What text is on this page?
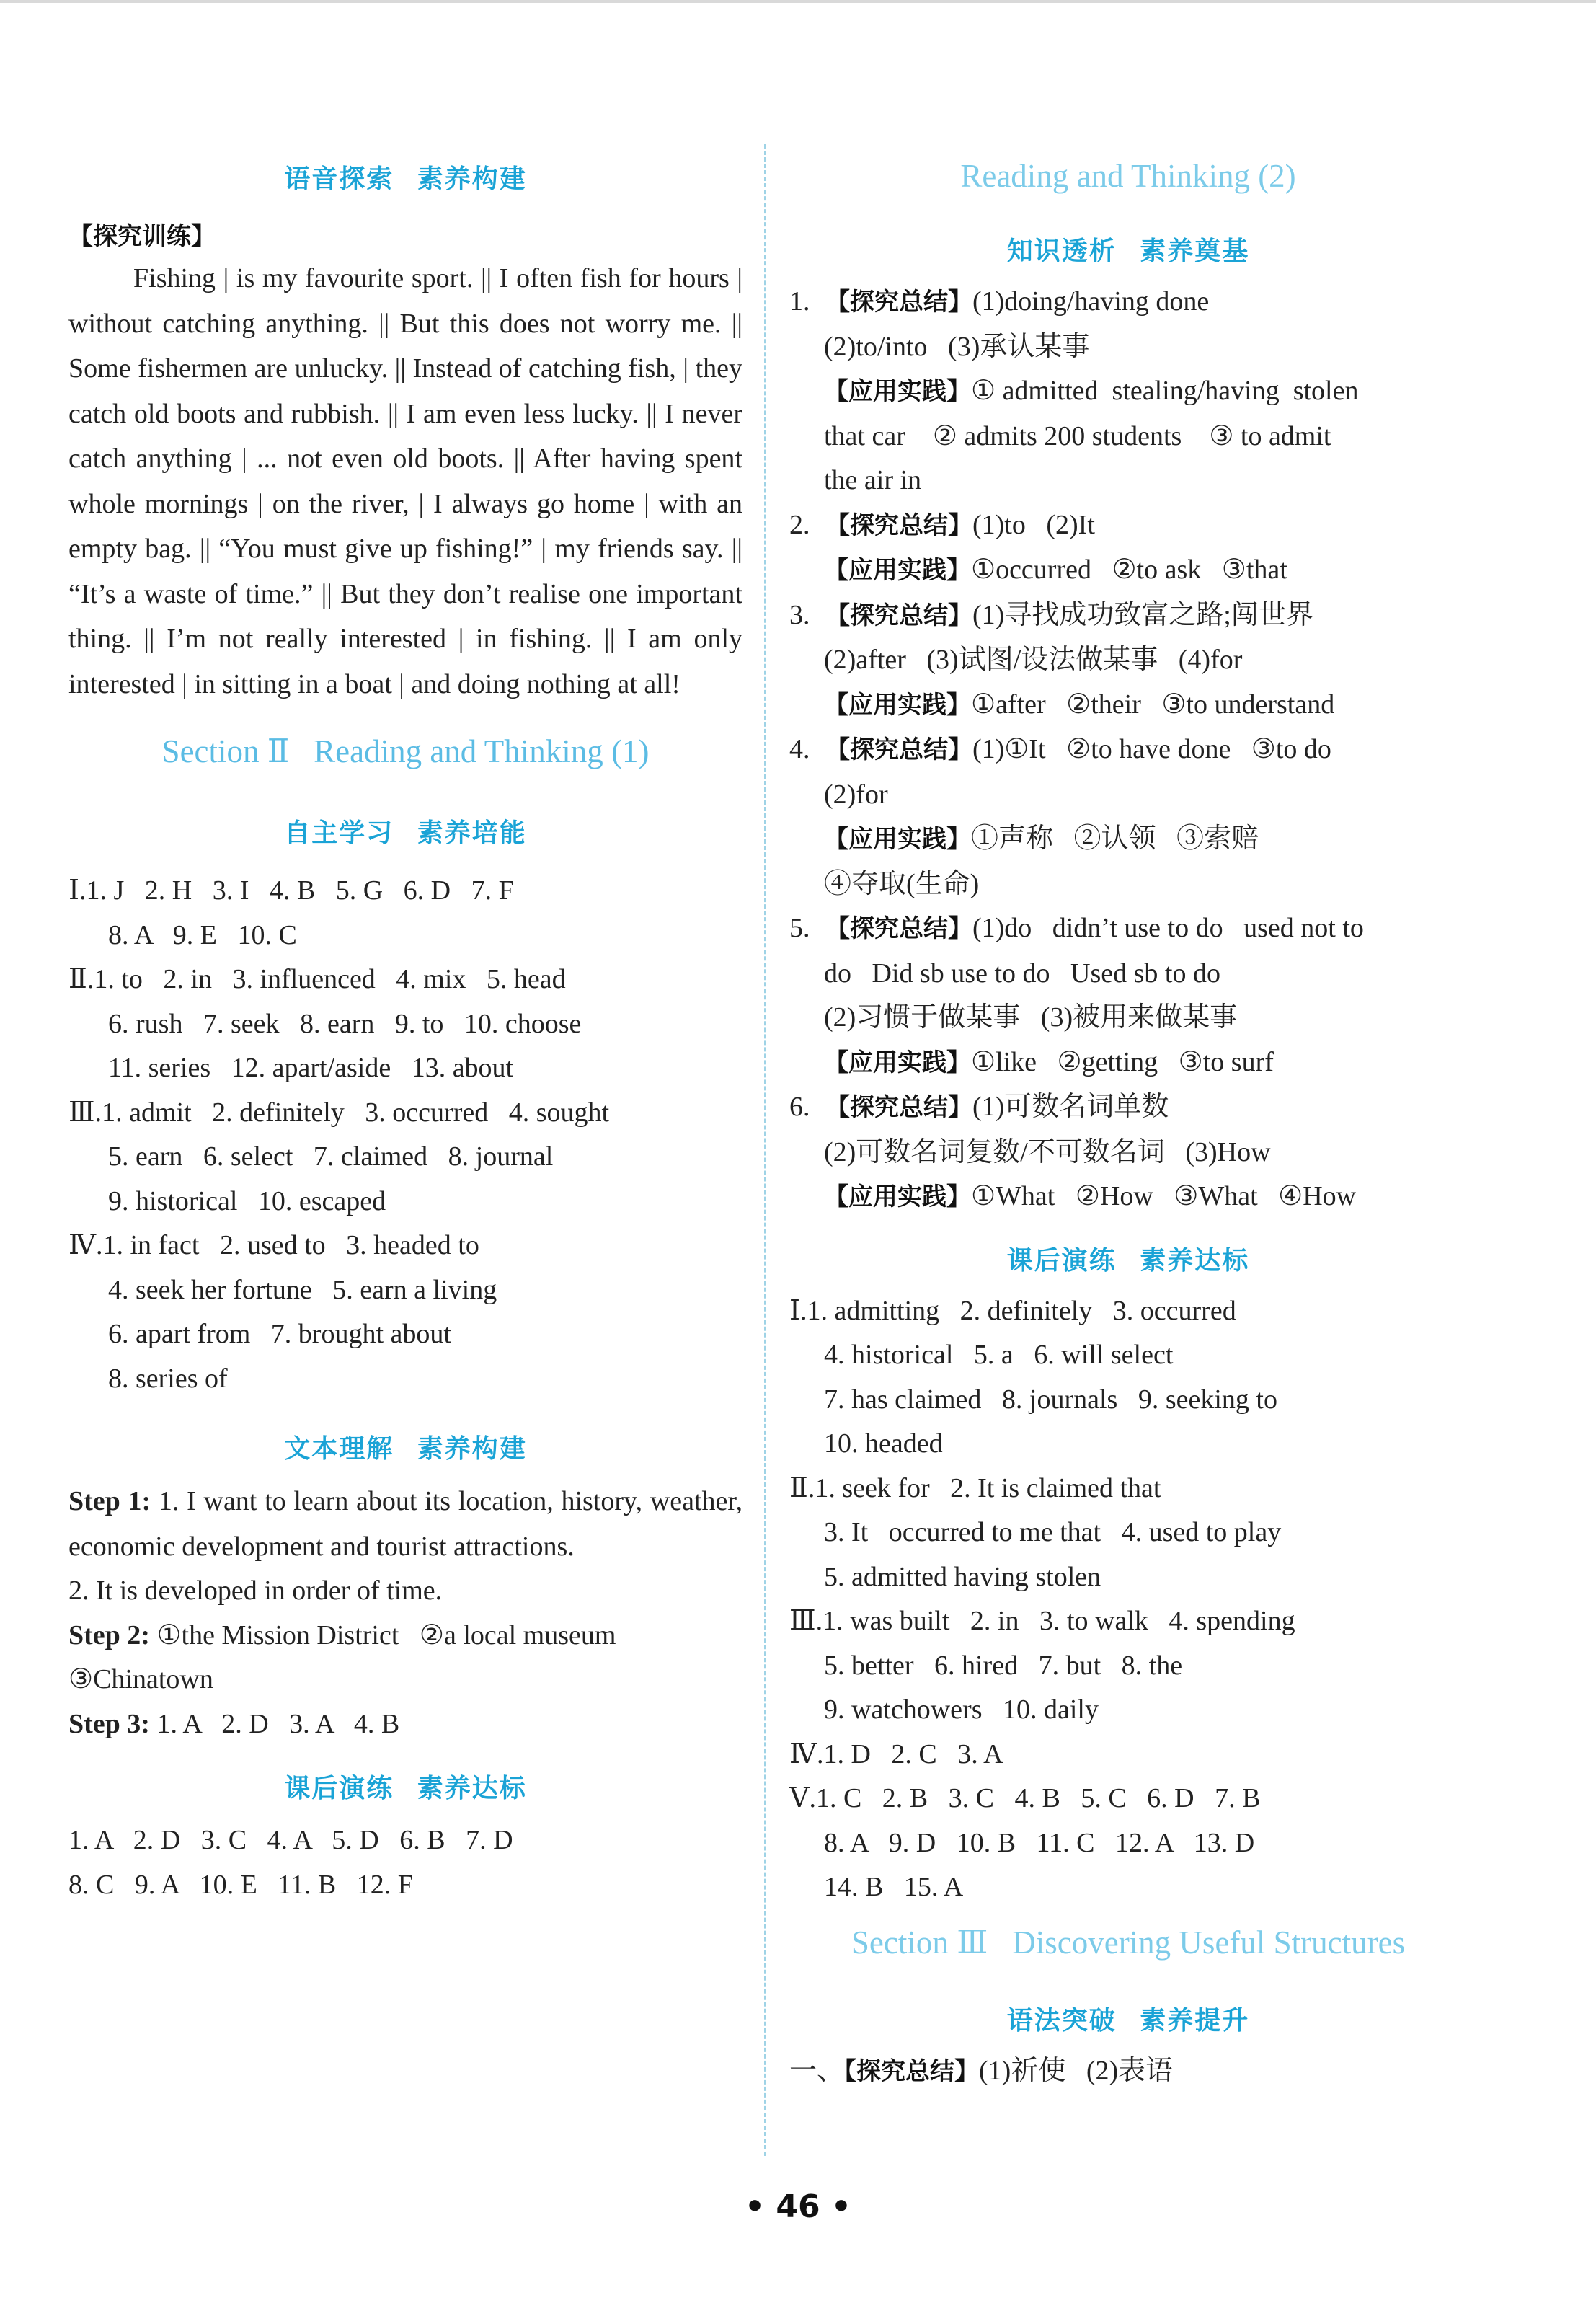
语音探索 素养构建
【探究训练】
Fishing | is my favourite sport. || I often fish for hours | without catching anything. || But this does not worry me. || Some fishermen are unlucky. || Instead of catching fish, | they catch old boots and rubbish. || I am even less lucky. || I never catch anything | ... not even old boots. || After having spent whole mornings | on the river, | I always go home | with an empty bag. || “You must give up fishing!” | my friends say. || “It’s a waste of time.” || But they don’t realise one important thing. || I’m not really interested | in fishing. || I am only interested | in sitting in a boat | and doing nothing at all!
Section Ⅱ   Reading and Thinking (1)
自主学习 素养培能
Ⅰ.1. J   2. H   3. I   4. B   5. G   6. D   7. F
8. A   9. E   10. C
Ⅱ.1. to   2. in   3. influenced   4. mix   5. head
6. rush   7. seek   8. earn   9. to   10. choose
11. series   12. apart/aside   13. about
Ⅲ.1. admit   2. definitely   3. occurred   4. sought
5. earn   6. select   7. claimed   8. journal
9. historical   10. escaped
Ⅳ.1. in fact   2. used to   3. headed to
4. seek her fortune   5. earn a living
6. apart from   7. brought about
8. series of
文本理解 素养构建
Step 1: 1. I want to learn about its location, history, weather, economic development and tourist attractions.
2. It is developed in order of time.
Step 2: ①the Mission District   ②a local museum
③Chinatown
Step 3: 1. A   2. D   3. A   4. B
课后演练 素养达标
1. A   2. D   3. C   4. A   5. D   6. B   7. D
8. C   9. A   10. E   11. B   12. F
Reading and Thinking (2)
知识透析 素养奠基
1. 【探究总结】(1)doing/having done
(2)to/into   (3)承认某事
【应用实践】① admitted  stealing/having  stolen
that car    ② admits 200 students    ③ to admit
the air in
2. 【探究总结】(1)to   (2)It
【应用实践】①occurred   ②to ask   ③that
3. 【探究总结】(1)寻找成功致富之路;闯世界
(2)after   (3)试图/设法做某事   (4)for
【应用实践】①after   ②their   ③to understand
4. 【探究总结】(1)①It   ②to have done   ③to do
(2)for
【应用实践】①声称   ②认领   ③索赔
④夺取(生命)
5. 【探究总结】(1)do   didn’t use to do   used not to
do   Did sb use to do   Used sb to do
(2)习惯于做某事   (3)被用来做某事
【应用实践】①like   ②getting   ③to surf
6. 【探究总结】(1)可数名词单数
(2)可数名词复数/不可数名词   (3)How
【应用实践】①What   ②How   ③What   ④How
课后演练 素养达标
Ⅰ.1. admitting   2. definitely   3. occurred
4. historical   5. a   6. will select
7. has claimed   8. journals   9. seeking to
10. headed
Ⅱ.1. seek for   2. It is claimed that
3. It   occurred to me that   4. used to play
5. admitted having stolen
Ⅲ.1. was built   2. in   3. to walk   4. spending
5. better   6. hired   7. but   8. the
9. watchowers   10. daily
Ⅳ.1. D   2. C   3. A
Ⅴ.1. C   2. B   3. C   4. B   5. C   6. D   7. B
8. A   9. D   10. B   11. C   12. A   13. D
14. B   15. A
Section Ⅲ   Discovering Useful Structures
语法突破 素养提升
一、【探究总结】(1)祈使   (2)表语
• 46 •
